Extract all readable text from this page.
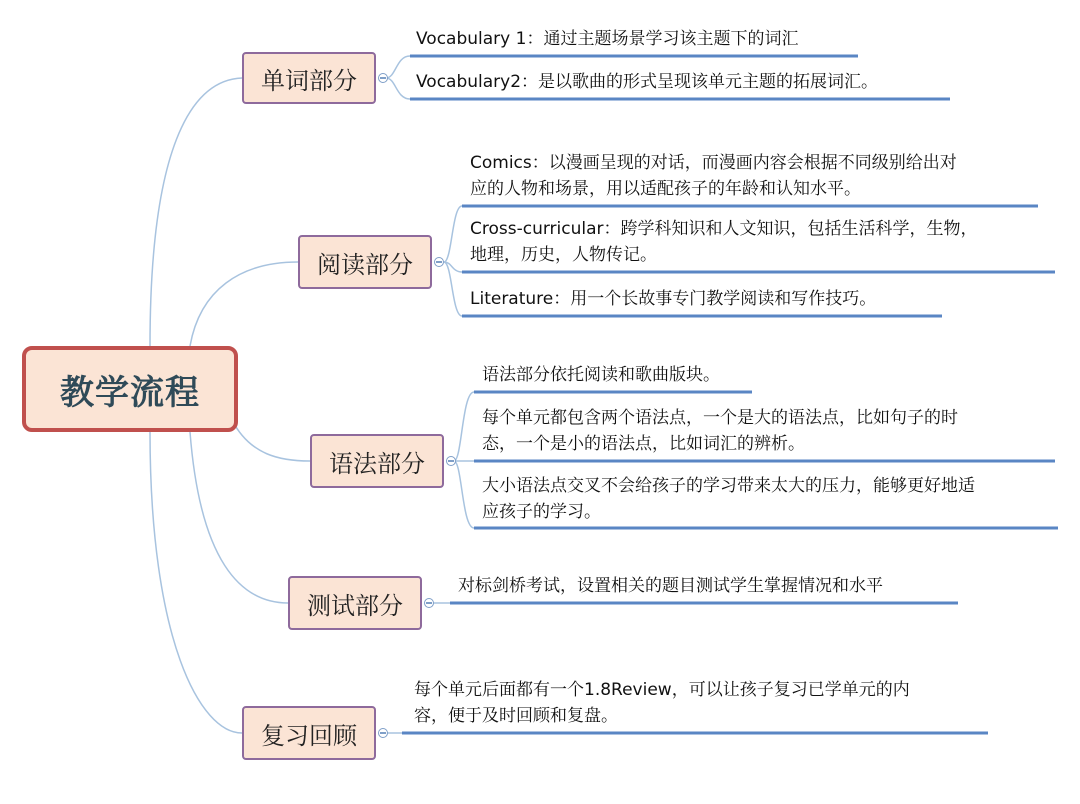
教学流程
单词部分
Vocabulary 1：通过主题场景学习该主题下的词汇
Vocabulary2：是以歌曲的形式呈现该单元主题的拓展词汇。
阅读部分
Comics：以漫画呈现的对话，而漫画内容会根据不同级别给出对
应的人物和场景，用以适配孩子的年龄和认知水平。
Cross-curricular：跨学科知识和人文知识，包括生活科学，生物，
地理，历史，人物传记。
Literature：用一个长故事专门教学阅读和写作技巧。
语法部分
语法部分依托阅读和歌曲版块。
每个单元都包含两个语法点，一个是大的语法点，比如句子的时
态，一个是小的语法点，比如词汇的辨析。
大小语法点交叉不会给孩子的学习带来太大的压力，能够更好地适
应孩子的学习。
测试部分
对标剑桥考试，设置相关的题目测试学生掌握情况和水平
复习回顾
每个单元后面都有一个1.8Review，可以让孩子复习已学单元的内
容，便于及时回顾和复盘。
